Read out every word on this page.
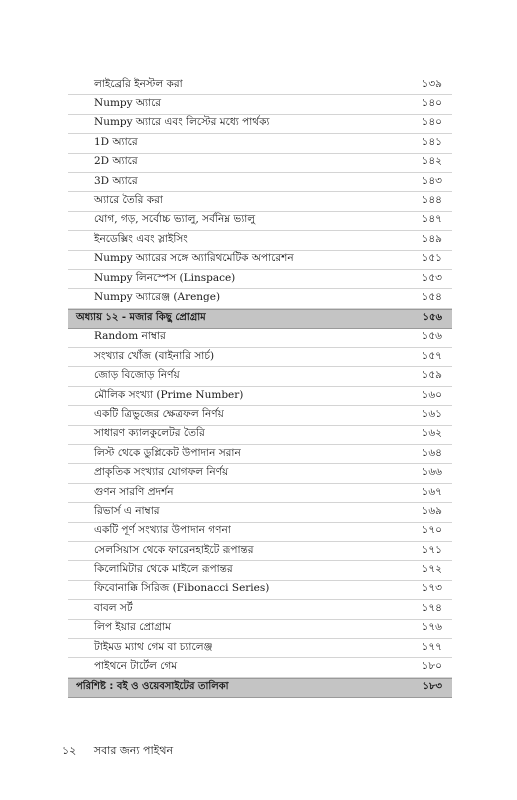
লাইব্রেরি ইনস্টল করা	১৩৯
Numpy অ্যারে	১৪০
Numpy অ্যারে এবং লিস্টের মধ্যে পার্থক্য	১৪০
1D অ্যারে	১৪১
2D অ্যারে	১৪২
3D অ্যারে	১৪৩
অ্যারে তৈরি করা	১৪৪
যোগ, গড়, সর্বোচ্চ ভ্যালু, সর্বনিম্ন ভ্যালু	১৪৭
ইনডেক্সিং এবং স্লাইসিং	১৪৯
Numpy অ্যারের সঙ্গে অ্যারিথমেটিক অপারেশন	১৫১
Numpy লিনস্পেস (Linspace)	১৫৩
Numpy অ্যারেঞ্জ (Arenge)	১৫৪
অধ্যায় ১২ - মজার কিছু প্রোগ্রাম	১৫৬
Random নাম্বার	১৫৬
সংখ্যার খোঁজ (বাইনারি সার্চ)	১৫৭
জোড় বিজোড় নির্ণয়	১৫৯
মৌলিক সংখ্যা (Prime Number)	১৬০
একটি ত্রিভুজের ক্ষেত্রফল নির্ণয়	১৬১
সাধারণ ক্যালকুলেটর তৈরি	১৬২
লিস্ট থেকে ডুপ্লিকেট উপাদান সরান	১৬৪
প্রাকৃতিক সংখ্যার যোগফল নির্ণয়	১৬৬
গুণন সারণি প্রদর্শন	১৬৭
রিভার্স এ নাম্বার	১৬৯
একটি পূর্ণ সংখ্যার উপাদান গণনা	১৭০
সেলসিয়াস থেকে ফারেনহাইটে রূপান্তর	১৭১
কিলোমিটার থেকে মাইলে রূপান্তর	১৭২
ফিবোনাক্কি সিরিজ (Fibonacci Series)	১৭৩
বাবল সর্ট	১৭৪
লিপ ইয়ার প্রোগ্রাম	১৭৬
টাইমড ম্যাথ গেম বা চ্যালেঞ্জ	১৭৭
পাইথনে টার্টেল গেম	১৮০
পরিশিষ্ট : বই ও ওয়েবসাইটের তালিকা	১৮৩
১২ সবার জন্য পাইথন
